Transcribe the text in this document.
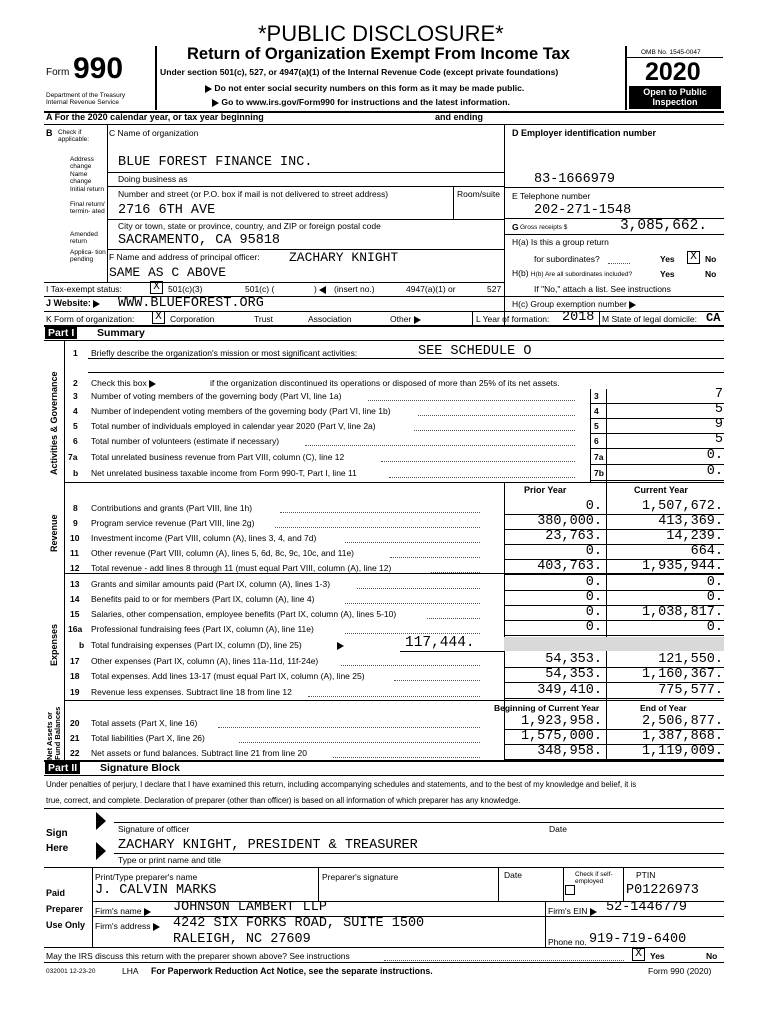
*PUBLIC DISCLOSURE*
Form 990
Department of the Treasury
Internal Revenue Service
Return of Organization Exempt From Income Tax
Under section 501(c), 527, or 4947(a)(1) of the Internal Revenue Code (except private foundations)
Do not enter social security numbers on this form as it may be made public.
Go to www.irs.gov/Form990 for instructions and the latest information.
OMB No. 1545-0047
2020
Open to Public
Inspection
A For the 2020 calendar year, or tax year beginning	and ending
B Check if applicable:
Address change
Name change
Initial return
Final return/ termin- ated
Amended return
Applica- tion pending
C Name of organization
BLUE FOREST FINANCE INC.
Doing business as
Number and street (or P.O. box if mail is not delivered to street address)	Room/suite
2716 6TH AVE
City or town, state or province, country, and ZIP or foreign postal code
SACRAMENTO, CA 95818
F Name and address of principal officer: ZACHARY KNIGHT
SAME AS C ABOVE
D Employer identification number
83-1666979
E Telephone number
202-271-1548
G Gross receipts $	3,085,662.
H(a) Is this a group return
for subordinates?	Yes X No
H(b) H(b) Are all subordinates included?	Yes	No
If "No," attach a list. See instructions
I Tax-exempt status:	X 501(c)(3)	501(c) (	)	(insert no.)	4947(a)(1) or	527
J Website:	WWW.BLUEFOREST.ORG	H(c) Group exemption number
K Form of organization: X Corporation	Trust	Association	Other	L Year of formation: 2018 M State of legal domicile: CA
Part I Summary
Activities & Governance
Revenue
Expenses
Net Assets or Fund Balances
1 Briefly describe the organization's mission or most significant activities:	SEE SCHEDULE O
2 Check this box	if the organization discontinued its operations or disposed of more than 25% of its net assets.
Prior Year	Current Year
Beginning of Current Year	End of Year
Part II Signature Block
Under penalties of perjury, I declare that I have examined this return, including accompanying schedules and statements, and to the best of my knowledge and belief, it is
true, correct, and complete. Declaration of preparer (other than officer) is based on all information of which preparer has any knowledge.
Sign
Here
Signature of officer	Date
ZACHARY KNIGHT, PRESIDENT & TREASURER
Type or print name and title
Paid
Preparer
Use Only
Print/Type preparer's name	Preparer's signature	Date	Check if self-employed
PTIN
J. CALVIN MARKS	P01226973
Firm's name	JOHNSON LAMBERT LLP	Firm's EIN	52-1446779
Firm's address	4242 SIX FORKS ROAD, SUITE 1500
RALEIGH, NC 27609	Phone no. 919-719-6400
May the IRS discuss this return with the preparer shown above? See instructions	X Yes	No
032001 12-23-20	LHA For Paperwork Reduction Act Notice, see the separate instructions.	Form 990 (2020)
3 Number of voting members of the governing body (Part VI, line 1a)	3	7
4 Number of independent voting members of the governing body (Part VI, line 1b)	4	5
5 Total number of individuals employed in calendar year 2020 (Part V, line 2a)	5	9
6 Total number of volunteers (estimate if necessary)	6	5
7a Total unrelated business revenue from Part VIII, column (C), line 12	7a	0.
b Net unrelated business taxable income from Form 990-T, Part I, line 11	7b	0.
8 Contributions and grants (Part VIII, line 1h)	0.	1,507,672.
9 Program service revenue (Part VIII, line 2g)	380,000.	413,369.
10 Investment income (Part VIII, column (A), lines 3, 4, and 7d)	23,763.	14,239.
11 Other revenue (Part VIII, column (A), lines 5, 6d, 8c, 9c, 10c, and 11e)	0.	664.
12 Total revenue - add lines 8 through 11 (must equal Part VIII, column (A), line 12)	403,763.	1,935,944.
13 Grants and similar amounts paid (Part IX, column (A), lines 1-3)	0.	0.
14 Benefits paid to or for members (Part IX, column (A), line 4)	0.	0.
15 Salaries, other compensation, employee benefits (Part IX, column (A), lines 5-10)	0.	1,038,817.
16a Professional fundraising fees (Part IX, column (A), line 11e)	0.	0.
17 Other expenses (Part IX, column (A), lines 11a-11d, 11f-24e)	54,353.	121,550.
18 Total expenses. Add lines 13-17 (must equal Part IX, column (A), line 25)	54,353.	1,160,367.
19 Revenue less expenses. Subtract line 18 from line 12	349,410.	775,577.
20 Total assets (Part X, line 16)	1,923,958.	2,506,877.
21 Total liabilities (Part X, line 26)	1,575,000.	1,387,868.
22 Net assets or fund balances. Subtract line 21 from line 20	348,958.	1,119,009.
b Total fundraising expenses (Part IX, column (D), line 25)	117,444.
